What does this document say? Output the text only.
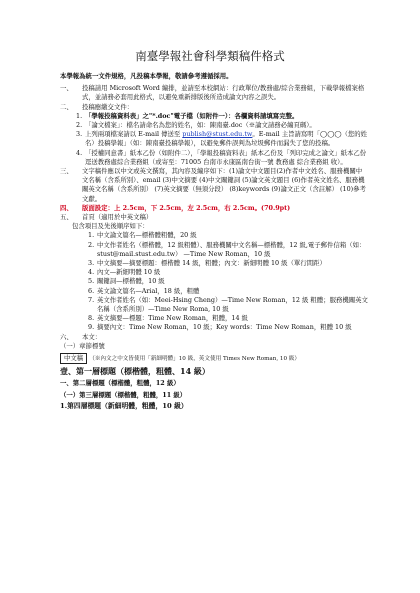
南臺學報社會科學類稿件格式
本學報為統一文件規格，凡投稿本學報，敬請參考遵循採用。
一、	投稿請用 Microsoft Word 編排，並請至本校網站：行政單位/教務處/綜合業務組，下載學報檔案格式，並請務必套用此格式，以避免重新排版後所造成論文內容之誤失。
二、	投稿應繳交文件：
1. 「學報投稿資料表」之"*.doc"電子檔（如附件一）：各欄資料請填寫完整。
2. 「論文檔案」：檔名請命名為您的姓名，如：陳南臺.doc（※論文請務必編頁碼）。
3. 上列兩項檔案請以 E-mail 傳送至 publish@stust.edu.tw。E-mail 主旨請寫明「◯◯◯（您的姓名）投稿學報」（如：陳南臺投稿學報），以避免郵件誤判為垃圾郵件而漏失了您的投稿。
4. 「授權同意書」紙本乙份（如附件二），「學報投稿資料表」紙本乙份及「列印完成之論文」紙本乙份逕送教務處綜合業務組（或寄至：71005 台南市永康區南台街一號 教務處 綜合業務組 收）。
三、	文字稿件應以中文或英文撰寫，其內容及編序如下：(1)論文中文題目(2)作者中文姓名、服務機關中文名稱（含系所別）、email (3)中文摘要 (4)中文關鍵詞 (5)論文英文題目 (6)作者英文姓名、服務機關英文名稱（含系所別） (7)英文摘要（無須分段） (8)keywords (9)論文正文（含註解） (10)參考文獻。
四、	版面設定：上 2.5cm，下 2.5cm，左 2.5cm，右 2.5cm。(70.9pt)
五、	首頁（適用於中英文稿）
包含項目及先後順序如下：
1. 中文論文篇名—標楷體粗體，20 級
2. 中文作者姓名（標楷體，12 級粗體）、服務機關中文名稱—標楷體，12 級,電子郵件信箱（如：stust@mail.stust.edu.tw） —Time New Roman，10 級
3. 中文摘要—摘要標題：標楷體 14 級，粗體；內文：新細明體 10 級（單行間距）
4. 內文—新細明體 10 級
5. 關鍵詞—標楷體，10 級
6. 英文論文篇名—Arial，18 級，粗體
7. 英文作者姓名（如：Meei-Hsing Cheng）—Time New Roman，12 級 粗體；服務機關英文名稱（含系所別）—Time New Roma, 10 級
8. 英文摘要—標題：Time New Roman，粗體，14 級
9. 摘要內文：Time New Roman，10 級；Key words：Time New Roman，粗體 10 級
六、	本文：
（一）章節標號
中文稿 （※內文之中文皆使用「新細明體」10 級，英文使用 Times New Roman, 10 級）
壹、第一層標題（標楷體，粗體、14 級）
一、第二層標題（標楷體，粗體，12 級）
（一）第三層標題（標楷體，粗體，11 級）
1.第四層標題（新細明體，粗體，10 級）
